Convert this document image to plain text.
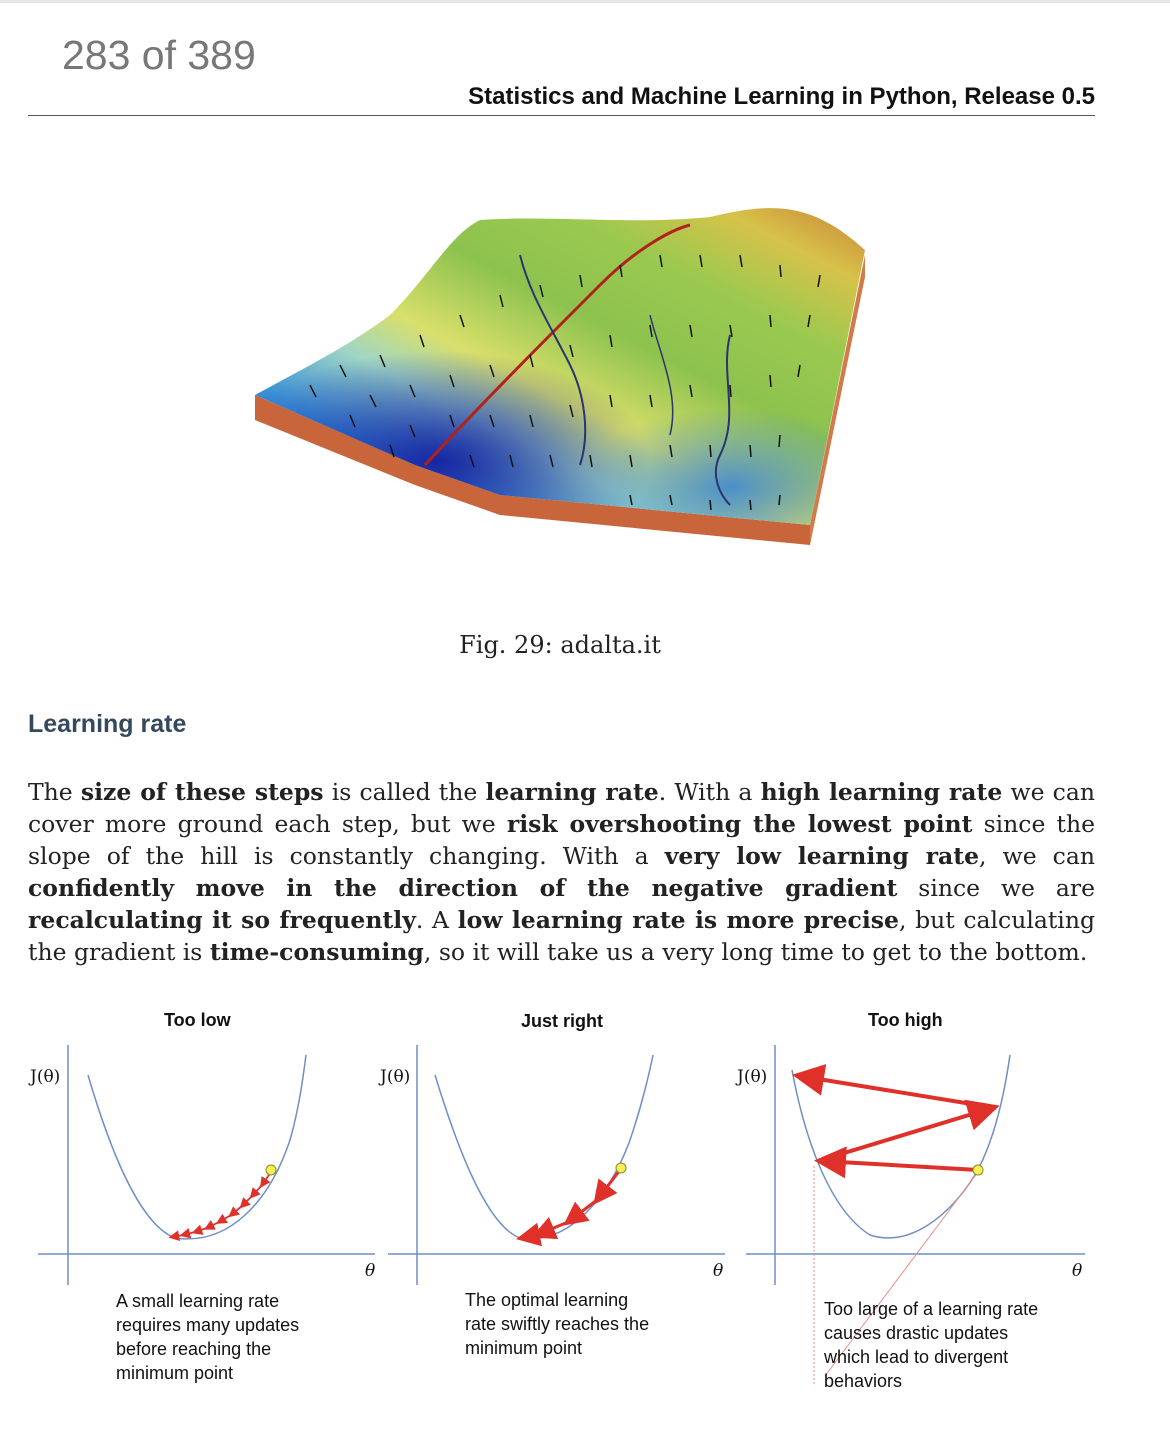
283 of 389
Statistics and Machine Learning in Python, Release 0.5
Fig. 29: adalta.it
Learning rate
The size of these steps is called the learning rate. With a high learning rate we can cover more ground each step, but we risk overshooting the lowest point since the slope of the hill is constantly changing. With a very low learning rate, we can confidently move in the direction of the negative gradient since we are recalculating it so frequently. A low learning rate is more precise, but calculating the gradient is time-consuming, so it will take us a very long time to get to the bottom.
Too low	Just right	Too high
J(θ)	J(θ)	J(θ)
θ	θ	θ
A small learning rate
requires many updates
before reaching the
minimum point
The optimal learning
rate swiftly reaches the
minimum point
Too large of a learning rate
causes drastic updates
which lead to divergent
behaviors
